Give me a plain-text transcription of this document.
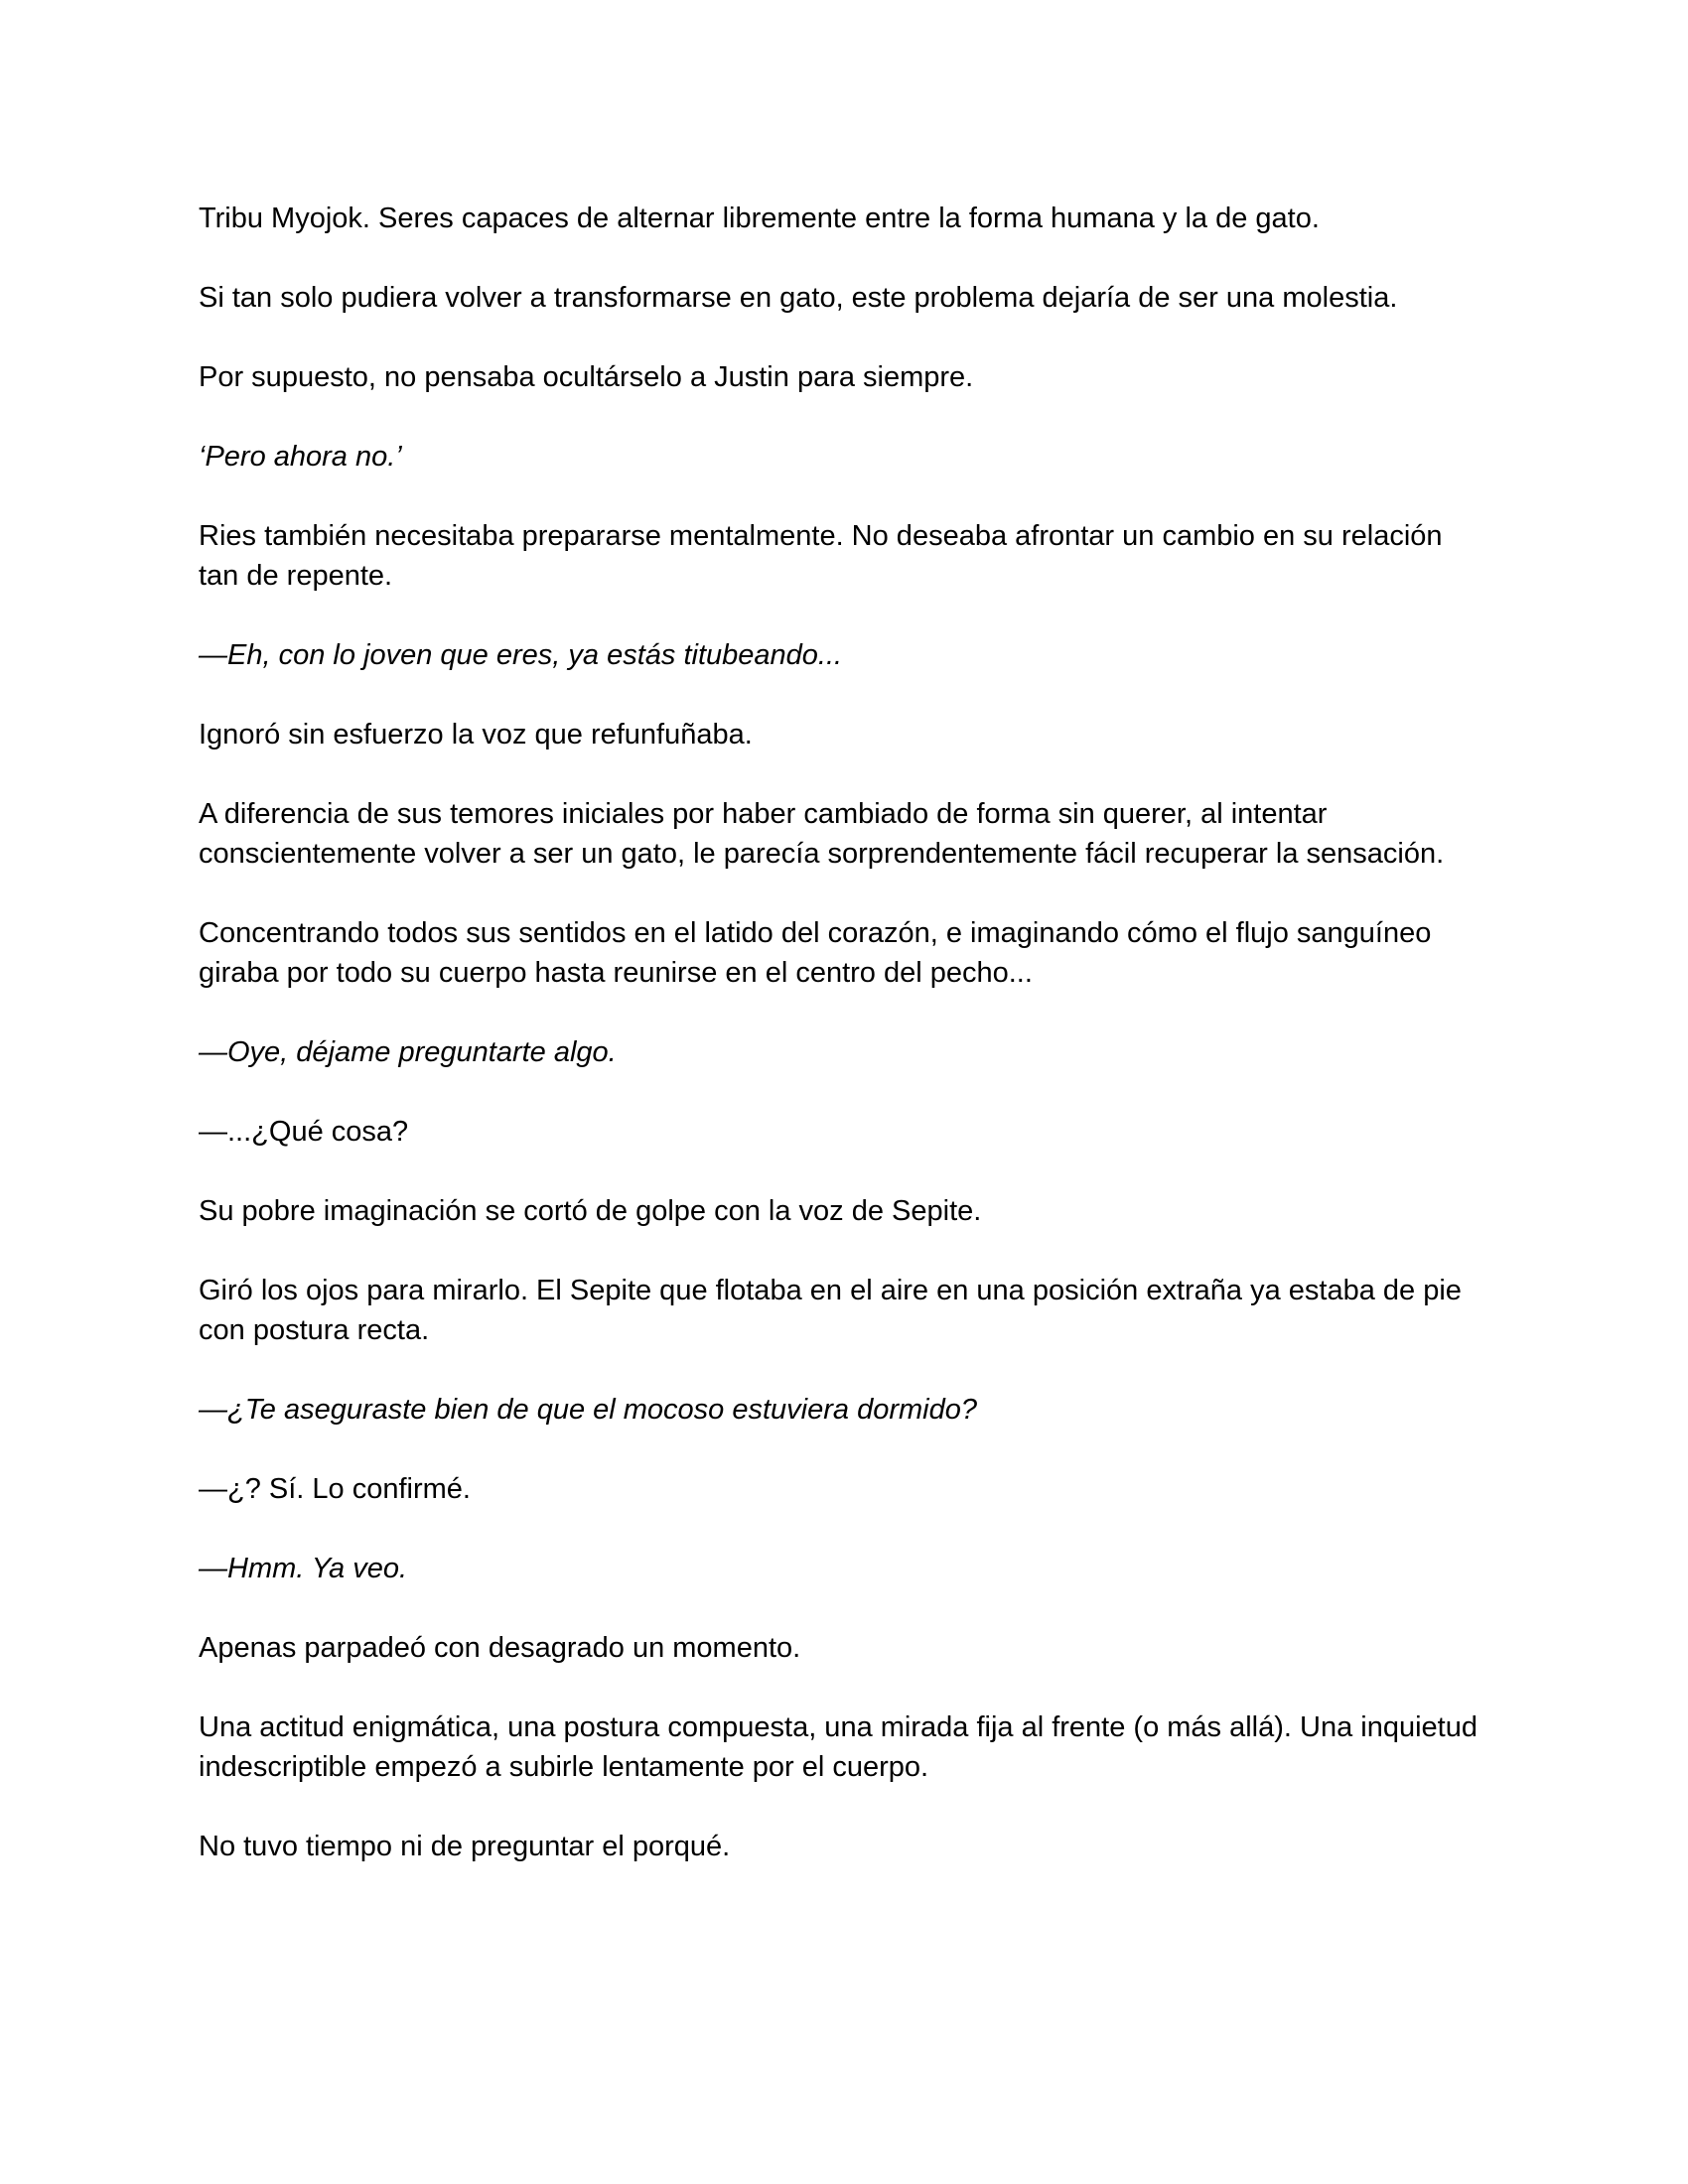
Tribu Myojok. Seres capaces de alternar libremente entre la forma humana y la de gato.

Si tan solo pudiera volver a transformarse en gato, este problema dejaría de ser una molestia.

Por supuesto, no pensaba ocultárselo a Justin para siempre.

‘Pero ahora no.’

Ries también necesitaba prepararse mentalmente. No deseaba afrontar un cambio en su relación tan de repente.

—Eh, con lo joven que eres, ya estás titubeando...

Ignoró sin esfuerzo la voz que refunfuñaba.

A diferencia de sus temores iniciales por haber cambiado de forma sin querer, al intentar conscientemente volver a ser un gato, le parecía sorprendentemente fácil recuperar la sensación.

Concentrando todos sus sentidos en el latido del corazón, e imaginando cómo el flujo sanguíneo giraba por todo su cuerpo hasta reunirse en el centro del pecho...

—Oye, déjame preguntarte algo.

—...¿Qué cosa?

Su pobre imaginación se cortó de golpe con la voz de Sepite.

Giró los ojos para mirarlo. El Sepite que flotaba en el aire en una posición extraña ya estaba de pie con postura recta.

—¿Te aseguraste bien de que el mocoso estuviera dormido?

—¿? Sí. Lo confirmé.

—Hmm. Ya veo.

Apenas parpadeó con desagrado un momento.

Una actitud enigmática, una postura compuesta, una mirada fija al frente (o más allá). Una inquietud indescriptible empezó a subirle lentamente por el cuerpo.

No tuvo tiempo ni de preguntar el porqué.
